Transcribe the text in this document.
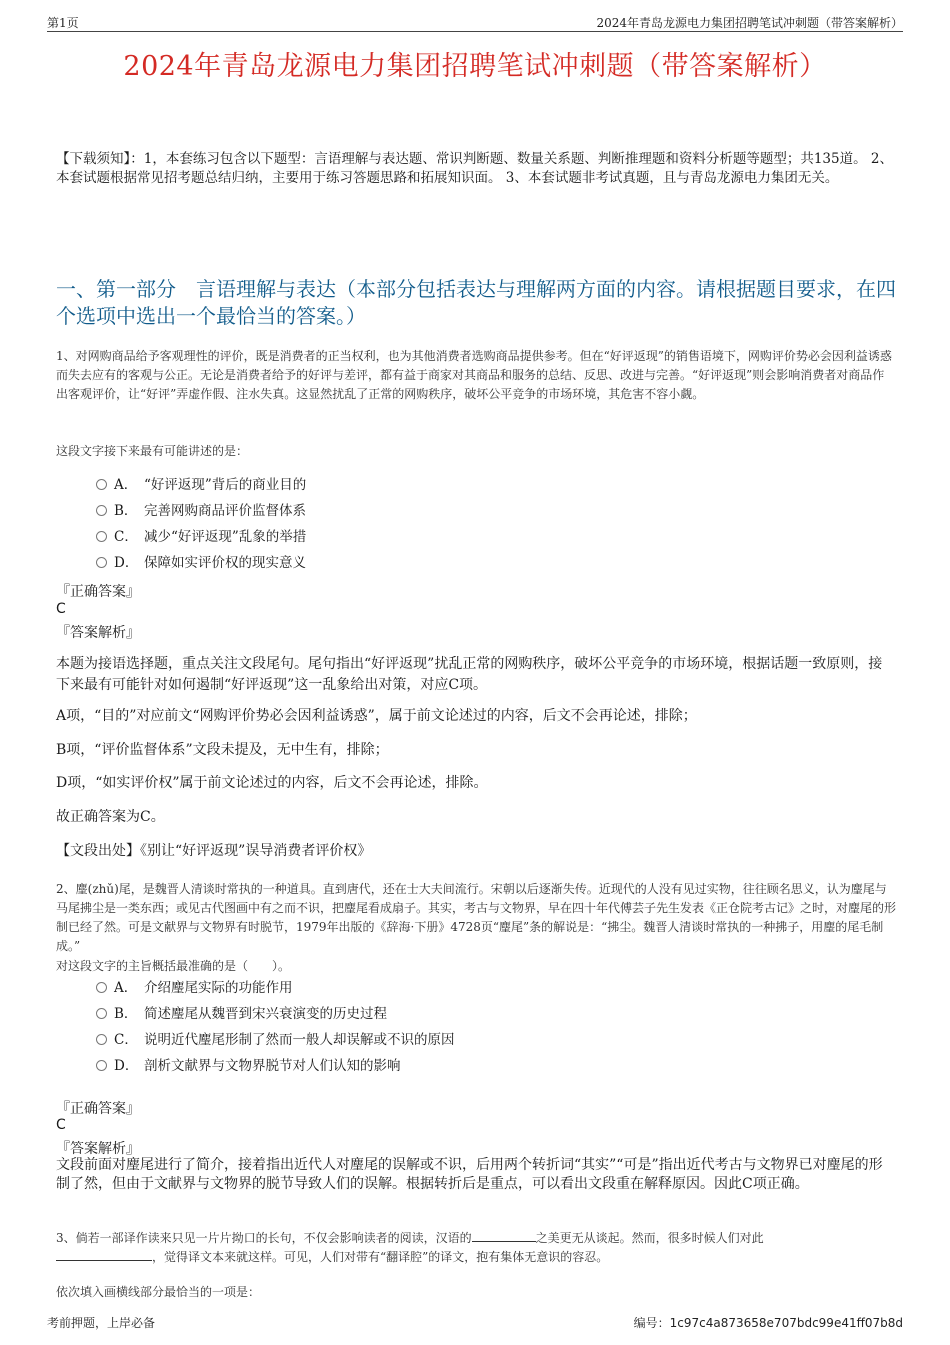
第1页	2024年青岛龙源电力集团招聘笔试冲刺题（带答案解析）
2024年青岛龙源电力集团招聘笔试冲刺题（带答案解析）
【下载须知】：1，本套练习包含以下题型：言语理解与表达题、常识判断题、数量关系题、判断推理题和资料分析题等题型；共135道。 2、本套试题根据常见招考题总结归纳，主要用于练习答题思路和拓展知识面。 3、本套试题非考试真题，且与青岛龙源电力集团无关。
一、第一部分　言语理解与表达（本部分包括表达与理解两方面的内容。请根据题目要求，在四个选项中选出一个最恰当的答案。）
1、对网购商品给予客观理性的评价，既是消费者的正当权利，也为其他消费者选购商品提供参考。但在“好评返现”的销售语境下，网购评价势必会因利益诱惑而失去应有的客观与公正。无论是消费者给予的好评与差评，都有益于商家对其商品和服务的总结、反思、改进与完善。“好评返现”则会影响消费者对商品作出客观评价，让“好评”弄虚作假、注水失真。这显然扰乱了正常的网购秩序，破坏公平竞争的市场环境，其危害不容小觑。
这段文字接下来最有可能讲述的是：
A． “好评返现”背后的商业目的
B． 完善网购商品评价监督体系
C． 减少“好评返现”乱象的举措
D． 保障如实评价权的现实意义
『正确答案』
C
『答案解析』
本题为接语选择题，重点关注文段尾句。尾句指出“好评返现”扰乱正常的网购秩序，破坏公平竞争的市场环境，根据话题一致原则，接下来最有可能针对如何遏制“好评返现”这一乱象给出对策，对应C项。
A项，“目的”对应前文“网购评价势必会因利益诱惑”，属于前文论述过的内容，后文不会再论述，排除；
B项，“评价监督体系”文段未提及，无中生有，排除；
D项，“如实评价权”属于前文论述过的内容，后文不会再论述，排除。
故正确答案为C。
【文段出处】《别让“好评返现”误导消费者评价权》
2、麈(zhǔ)尾，是魏晋人清谈时常执的一种道具。直到唐代，还在士大夫间流行。宋朝以后逐渐失传。近现代的人没有见过实物，往往顾名思义，认为麈尾与马尾拂尘是一类东西；或见古代图画中有之而不识，把麈尾看成扇子。其实，考古与文物界，早在四十年代傅芸子先生发表《正仓院考古记》之时，对麈尾的形制已经了然。可是文献界与文物界有时脱节，1979年出版的《辞海·下册》4728页“麈尾”条的解说是：“拂尘。魏晋人清谈时常执的一种拂子，用麈的尾毛制成。”
对这段文字的主旨概括最准确的是（　　）。
A． 介绍麈尾实际的功能作用
B． 简述麈尾从魏晋到宋兴衰演变的历史过程
C． 说明近代麈尾形制了然而一般人却误解或不识的原因
D． 剖析文献界与文物界脱节对人们认知的影响
『正确答案』
C
『答案解析』
文段前面对麈尾进行了简介，接着指出近代人对麈尾的误解或不识，后用两个转折词“其实”“可是”指出近代考古与文物界已对麈尾的形制了然，但由于文献界与文物界的脱节导致人们的误解。根据转折后是重点，可以看出文段重在解释原因。因此C项正确。
3、倘若一部译作读来只见一片片拗口的长句，不仅会影响读者的阅读，汉语的	之美更无从谈起。然而，很多时候人们对此
，觉得译文本来就这样。可见，人们对带有“翻译腔”的译文，抱有集体无意识的容忍。
依次填入画横线部分最恰当的一项是：
考前押题，上岸必备	编号：1c97c4a873658e707bdc99e41ff07b8d
